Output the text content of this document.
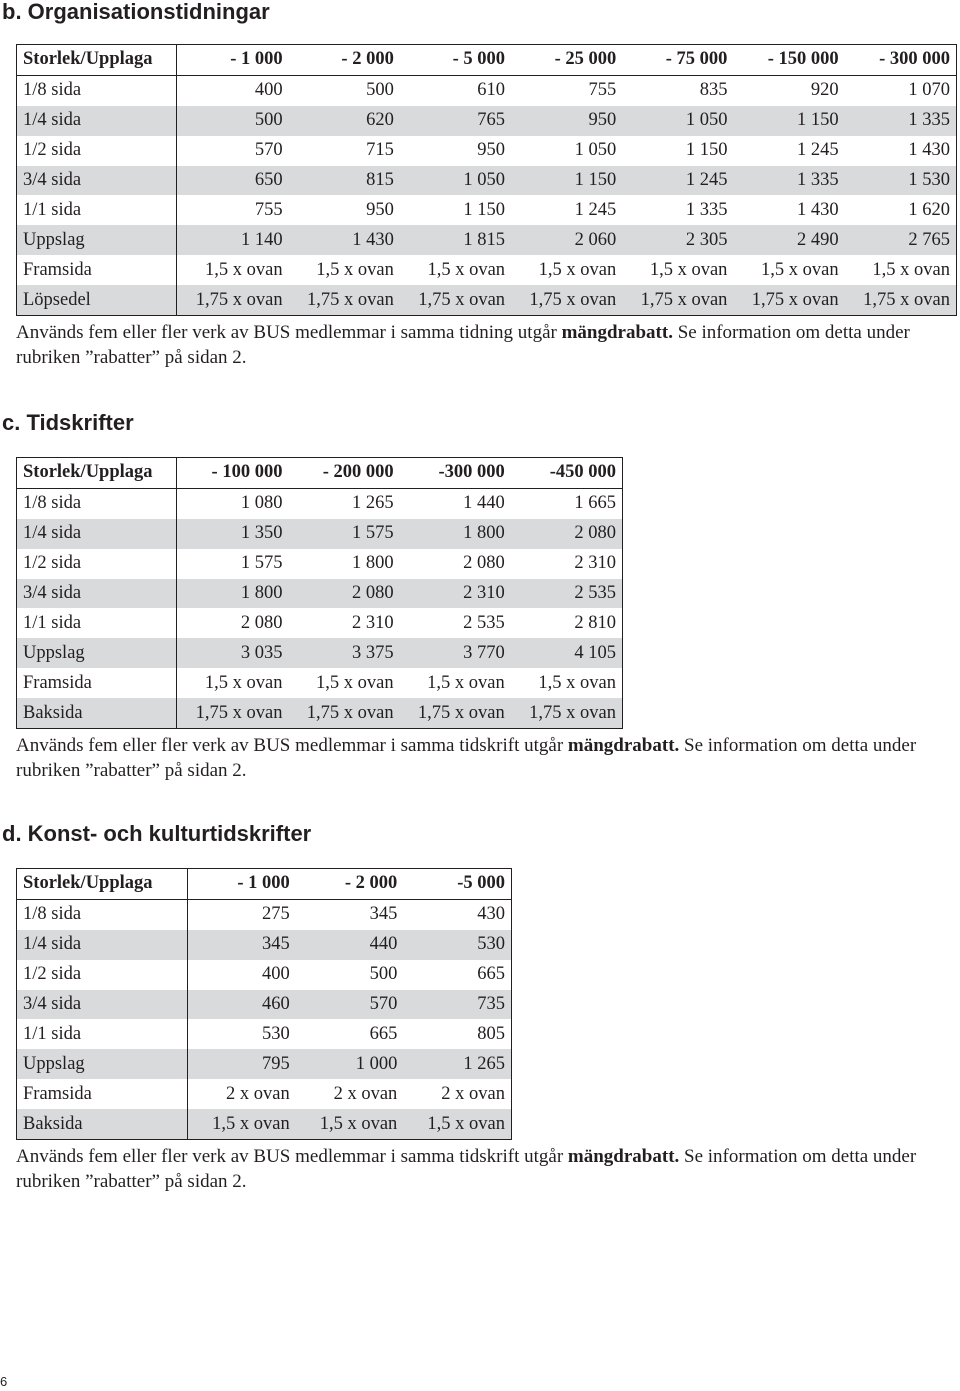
b. Organisationstidningar
Storlek/Upplaga	- 1 000	- 2 000	- 5 000	- 25 000	- 75 000	- 150 000	- 300 000
1/8 sida	400	500	610	755	835	920	1 070
1/4 sida	500	620	765	950	1 050	1 150	1 335
1/2 sida	570	715	950	1 050	1 150	1 245	1 430
3/4 sida	650	815	1 050	1 150	1 245	1 335	1 530
1/1 sida	755	950	1 150	1 245	1 335	1 430	1 620
Uppslag	1 140	1 430	1 815	2 060	2 305	2 490	2 765
Framsida	1,5 x ovan	1,5 x ovan	1,5 x ovan	1,5 x ovan	1,5 x ovan	1,5 x ovan	1,5 x ovan
Löpsedel	1,75 x ovan	1,75 x ovan	1,75 x ovan	1,75 x ovan	1,75 x ovan	1,75 x ovan	1,75 x ovan

Används fem eller fler verk av BUS medlemmar i samma tidning utgår mängdrabatt. Se information om detta under rubriken ”rabatter” på sidan 2.

c. Tidskrifter
Storlek/Upplaga	- 100 000	- 200 000	-300 000	-450 000
1/8 sida	1 080	1 265	1 440	1 665
1/4 sida	1 350	1 575	1 800	2 080
1/2 sida	1 575	1 800	2 080	2 310
3/4 sida	1 800	2 080	2 310	2 535
1/1 sida	2 080	2 310	2 535	2 810
Uppslag	3 035	3 375	3 770	4 105
Framsida	1,5 x ovan	1,5 x ovan	1,5 x ovan	1,5 x ovan
Baksida	1,75 x ovan	1,75 x ovan	1,75 x ovan	1,75 x ovan

Används fem eller fler verk av BUS medlemmar i samma tidskrift utgår mängdrabatt. Se information om detta under rubriken ”rabatter” på sidan 2.

d. Konst- och kulturtidskrifter
Storlek/Upplaga	- 1 000	- 2 000	-5 000
1/8 sida	275	345	430
1/4 sida	345	440	530
1/2 sida	400	500	665
3/4 sida	460	570	735
1/1 sida	530	665	805
Uppslag	795	1 000	1 265
Framsida	2 x ovan	2 x ovan	2 x ovan
Baksida	1,5 x ovan	1,5 x ovan	1,5 x ovan

Används fem eller fler verk av BUS medlemmar i samma tidskrift utgår mängdrabatt. Se information om detta under rubriken ”rabatter” på sidan 2.

6
